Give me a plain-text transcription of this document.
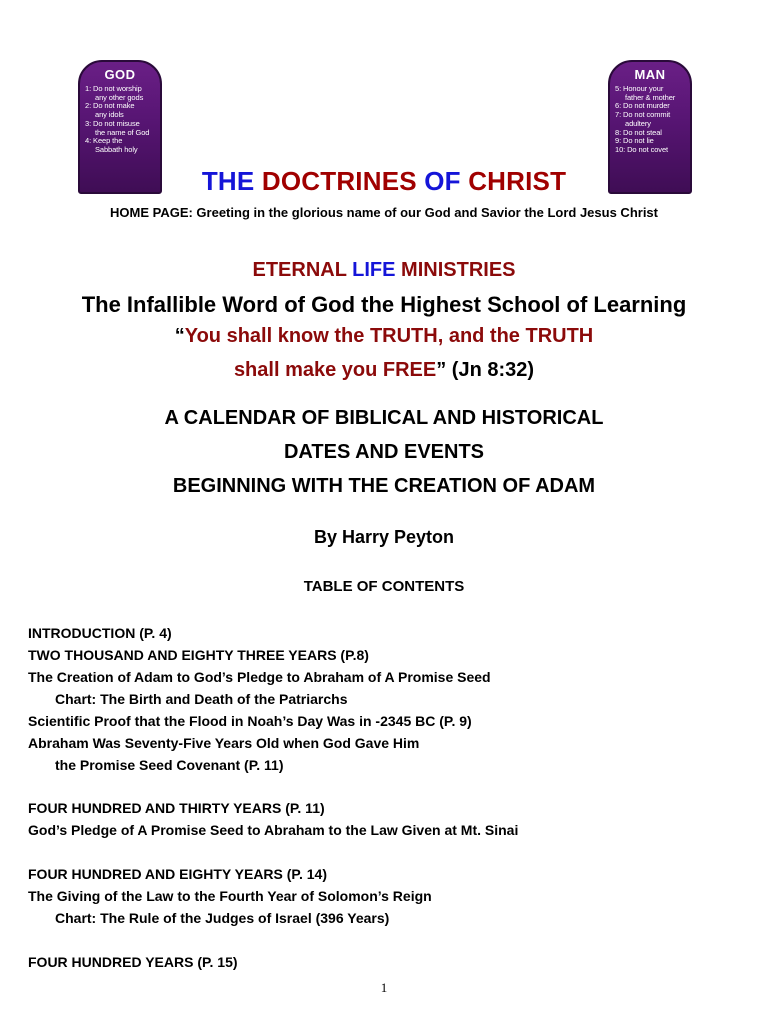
GOD
1: Do not worship
any other gods
2: Do not make
any idols
3: Do not misuse
the name of God
4: Keep the
Sabbath holy
MAN
5: Honour your
father & mother
6: Do not murder
7: Do not commit
adultery
8: Do not steal
9: Do not lie
10: Do not covet
THE DOCTRINES OF CHRIST
HOME PAGE: Greeting in the glorious name of our God and Savior the Lord Jesus Christ
ETERNAL LIFE MINISTRIES
The Infallible Word of God the Highest School of Learning
“You shall know the TRUTH, and the TRUTH
shall make you FREE” (Jn 8:32)
A CALENDAR OF BIBLICAL AND HISTORICAL
DATES AND EVENTS
BEGINNING WITH THE CREATION OF ADAM
By Harry Peyton
TABLE OF CONTENTS
INTRODUCTION (P. 4)
TWO THOUSAND AND EIGHTY THREE YEARS (P.8)
The Creation of Adam to God’s Pledge to Abraham of A Promise Seed
Chart: The Birth and Death of the Patriarchs
Scientific Proof that the Flood in Noah’s Day Was in -2345 BC (P. 9)
Abraham Was Seventy-Five Years Old when God Gave Him
the Promise Seed Covenant (P. 11)
FOUR HUNDRED AND THIRTY YEARS (P. 11)
God’s Pledge of A Promise Seed to Abraham to the Law Given at Mt. Sinai
FOUR HUNDRED AND EIGHTY YEARS (P. 14)
The Giving of the Law to the Fourth Year of Solomon’s Reign
Chart: The Rule of the Judges of Israel (396 Years)
FOUR HUNDRED YEARS (P. 15)
1
